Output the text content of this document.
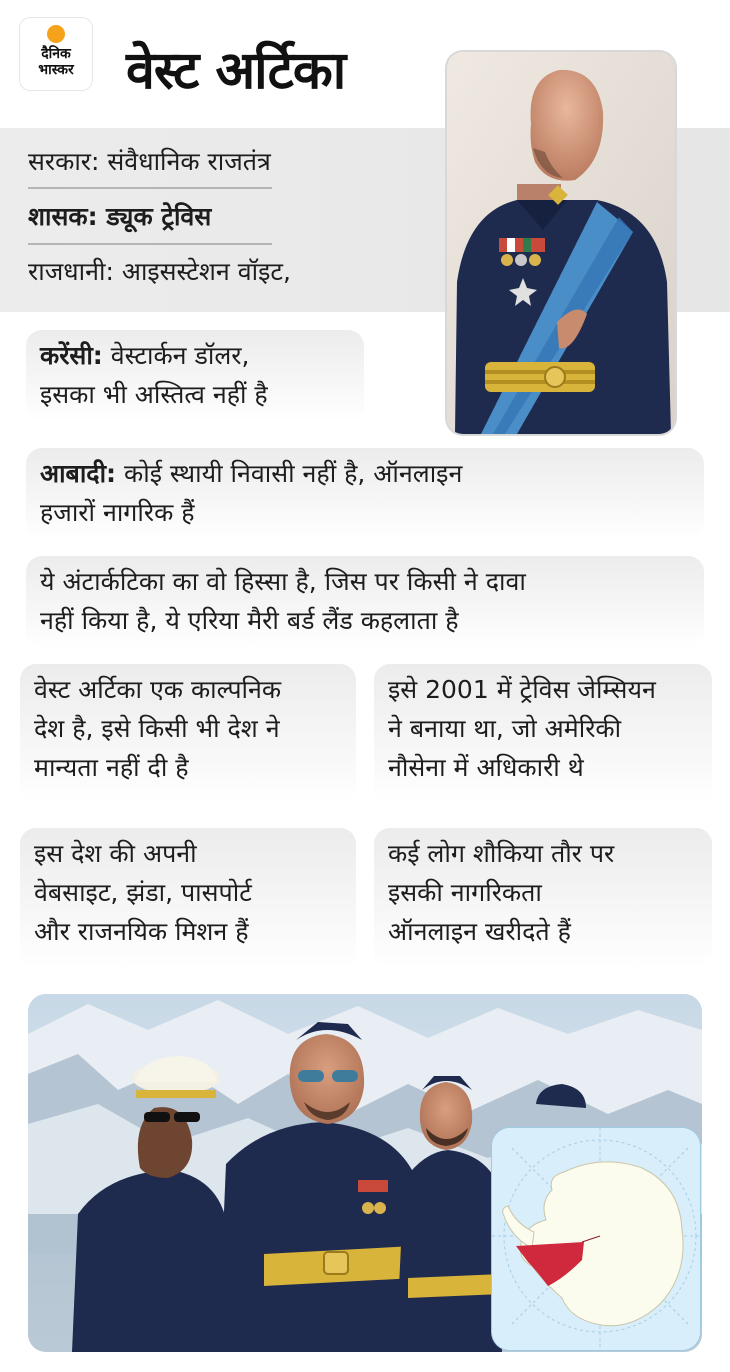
दैनिक
भास्कर	वेस्ट अर्टिका
सरकार: संवैधानिक राजतंत्र
शासक: ड्यूक ट्रेविस
राजधानी: आइसस्टेशन वॉइट,
करेंसी: वेस्टार्कन डॉलर,
इसका भी अस्तित्व नहीं है
आबादी: कोई स्थायी निवासी नहीं है, ऑनलाइन
हजारों नागरिक हैं
ये अंटार्कटिका का वो हिस्सा है, जिस पर किसी ने दावा
नहीं किया है, ये एरिया मैरी बर्ड लैंड कहलाता है
वेस्ट अर्टिका एक काल्पनिक
देश है, इसे किसी भी देश ने
मान्यता नहीं दी है
इसे 2001 में ट्रेविस जेम्सियन
ने बनाया था, जो अमेरिकी
नौसेना में अधिकारी थे
इस देश की अपनी
वेबसाइट, झंडा, पासपोर्ट
और राजनयिक मिशन हैं
कई लोग शौकिया तौर पर
इसकी नागरिकता
ऑनलाइन खरीदते हैं
